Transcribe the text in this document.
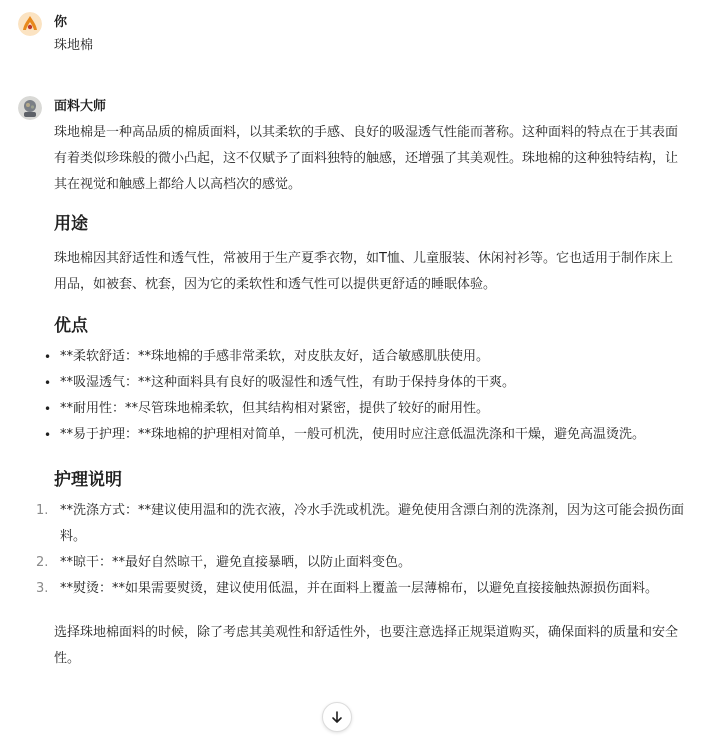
你
珠地棉
面料大师

珠地棉是一种高品质的棉质面料，以其柔软的手感、良好的吸湿透气性能而著称。这种面料的特点在于其表面有着类似珍珠般的微小凸起，这不仅赋予了面料独特的触感，还增强了其美观性。珠地棉的这种独特结构，让其在视觉和触感上都给人以高档次的感觉。

用途

珠地棉因其舒适性和透气性，常被用于生产夏季衣物，如T恤、儿童服装、休闲衬衫等。它也适用于制作床上用品，如被套、枕套，因为它的柔软性和透气性可以提供更舒适的睡眠体验。

优点
• **柔软舒适：**珠地棉的手感非常柔软，对皮肤友好，适合敏感肌肤使用。
• **吸湿透气：**这种面料具有良好的吸湿性和透气性，有助于保持身体的干爽。
• **耐用性：**尽管珠地棉柔软，但其结构相对紧密，提供了较好的耐用性。
• **易于护理：**珠地棉的护理相对简单，一般可机洗，使用时应注意低温洗涤和干燥，避免高温烫洗。
护理说明
1. **洗涤方式：**建议使用温和的洗衣液，冷水手洗或机洗。避免使用含漂白剂的洗涤剂，因为这可能会损伤面料。
2. **晾干：**最好自然晾干，避免直接暴晒，以防止面料变色。
3. **熨烫：**如果需要熨烫，建议使用低温，并在面料上覆盖一层薄棉布，以避免直接接触热源损伤面料。

选择珠地棉面料的时候，除了考虑其美观性和舒适性外，也要注意选择正规渠道购买，确保面料的质量和安全性。
